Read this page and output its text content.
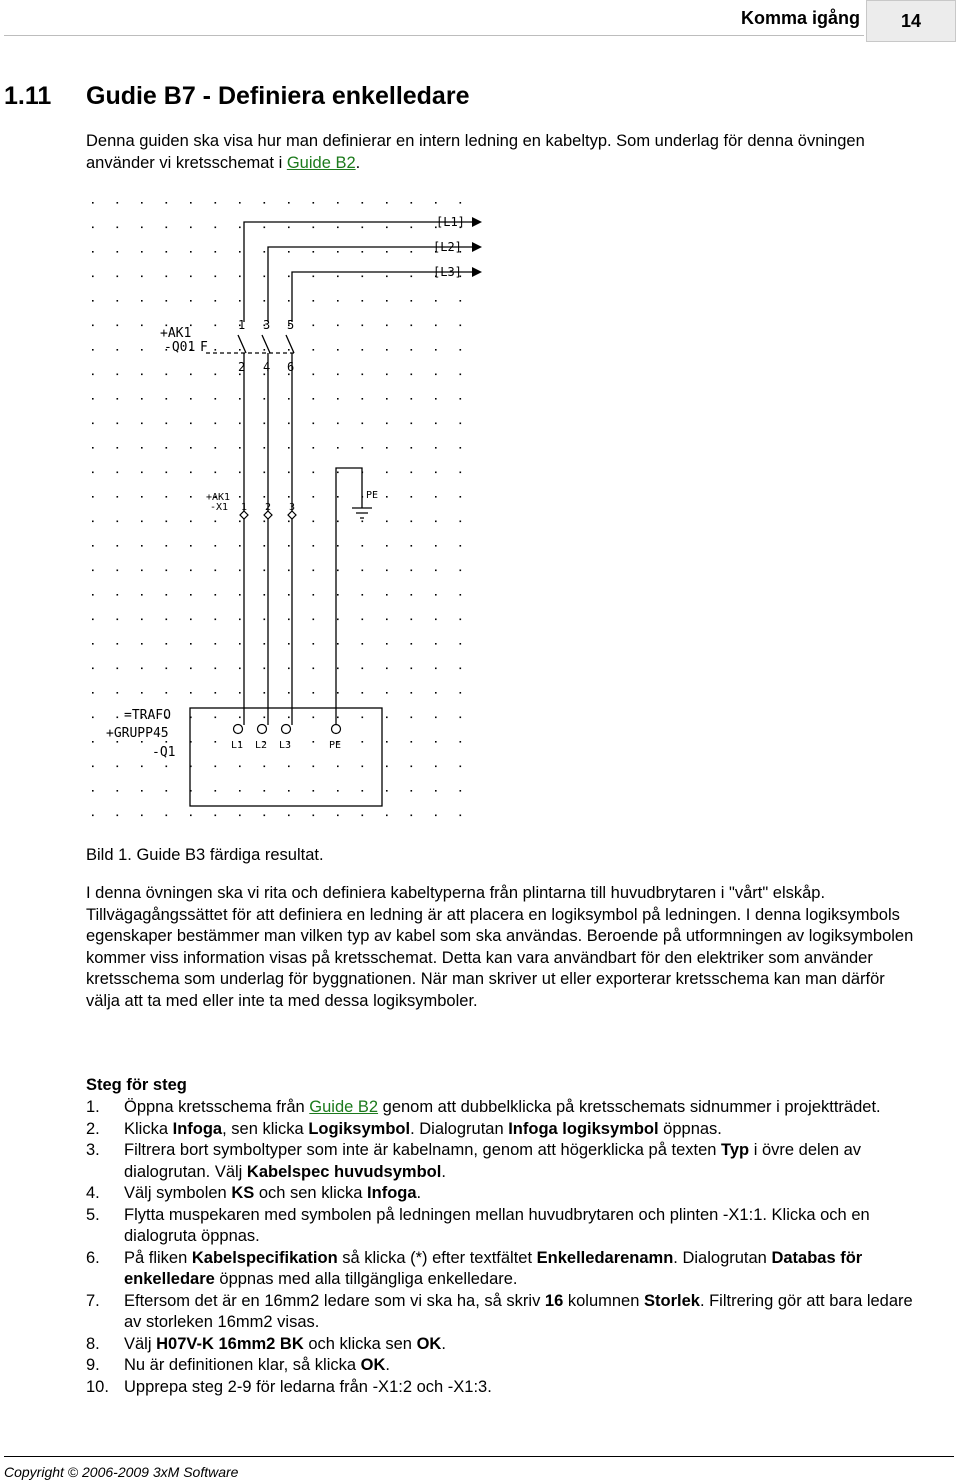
Komma igång 14
1.11 Gudie B7 - Definiera enkelledare

Denna guiden ska visa hur man definierar en intern ledning en kabeltyp. Som underlag för denna övningen använder vi kretsschemat i Guide B2.

[L1]
[L2]
[L3]
+AK1
-Q01 F
1 3 5
2 4 6
+AK1
-X1 1 2 3
PE
=TRAFO
+GRUPP45
-Q1	L1 L2 L3	PE

Bild 1. Guide B3 färdiga resultat.

I denna övningen ska vi rita och definiera kabeltyperna från plintarna till huvudbrytaren i "vårt" elskåp. Tillvägagångssättet för att definiera en ledning är att placera en logiksymbol på ledningen. I denna logiksymbols egenskaper bestämmer man vilken typ av kabel som ska användas. Beroende på utformningen av logiksymbolen kommer viss information visas på kretsschemat. Detta kan vara användbart för den elektriker som använder kretsschema som underlag för byggnationen. När man skriver ut eller exporterar kretsschema kan man därför välja att ta med eller inte ta med dessa logiksymboler.

Steg för steg

1. Öppna kretsschema från Guide B2 genom att dubbelklicka på kretsschemats sidnummer i projektträdet.
2. Klicka Infoga, sen klicka Logiksymbol. Dialogrutan Infoga logiksymbol öppnas.
3. Filtrera bort symboltyper som inte är kabelnamn, genom att högerklicka på texten Typ i övre delen av dialogrutan. Välj Kabelspec huvudsymbol.
4. Välj symbolen KS och sen klicka Infoga.
5. Flytta muspekaren med symbolen på ledningen mellan huvudbrytaren och plinten -X1:1. Klicka och en dialogruta öppnas.
6. På fliken Kabelspecifikation så klicka (*) efter textfältet Enkelledarenamn. Dialogrutan Databas för enkelledare öppnas med alla tillgängliga enkelledare.
7. Eftersom det är en 16mm2 ledare som vi ska ha, så skriv 16 kolumnen Storlek. Filtrering gör att bara ledare av storleken 16mm2 visas.
8. Välj H07V-K 16mm2 BK och klicka sen OK.
9. Nu är definitionen klar, så klicka OK.
10. Upprepa steg 2-9 för ledarna från -X1:2 och -X1:3.
Copyright © 2006-2009 3xM Software
